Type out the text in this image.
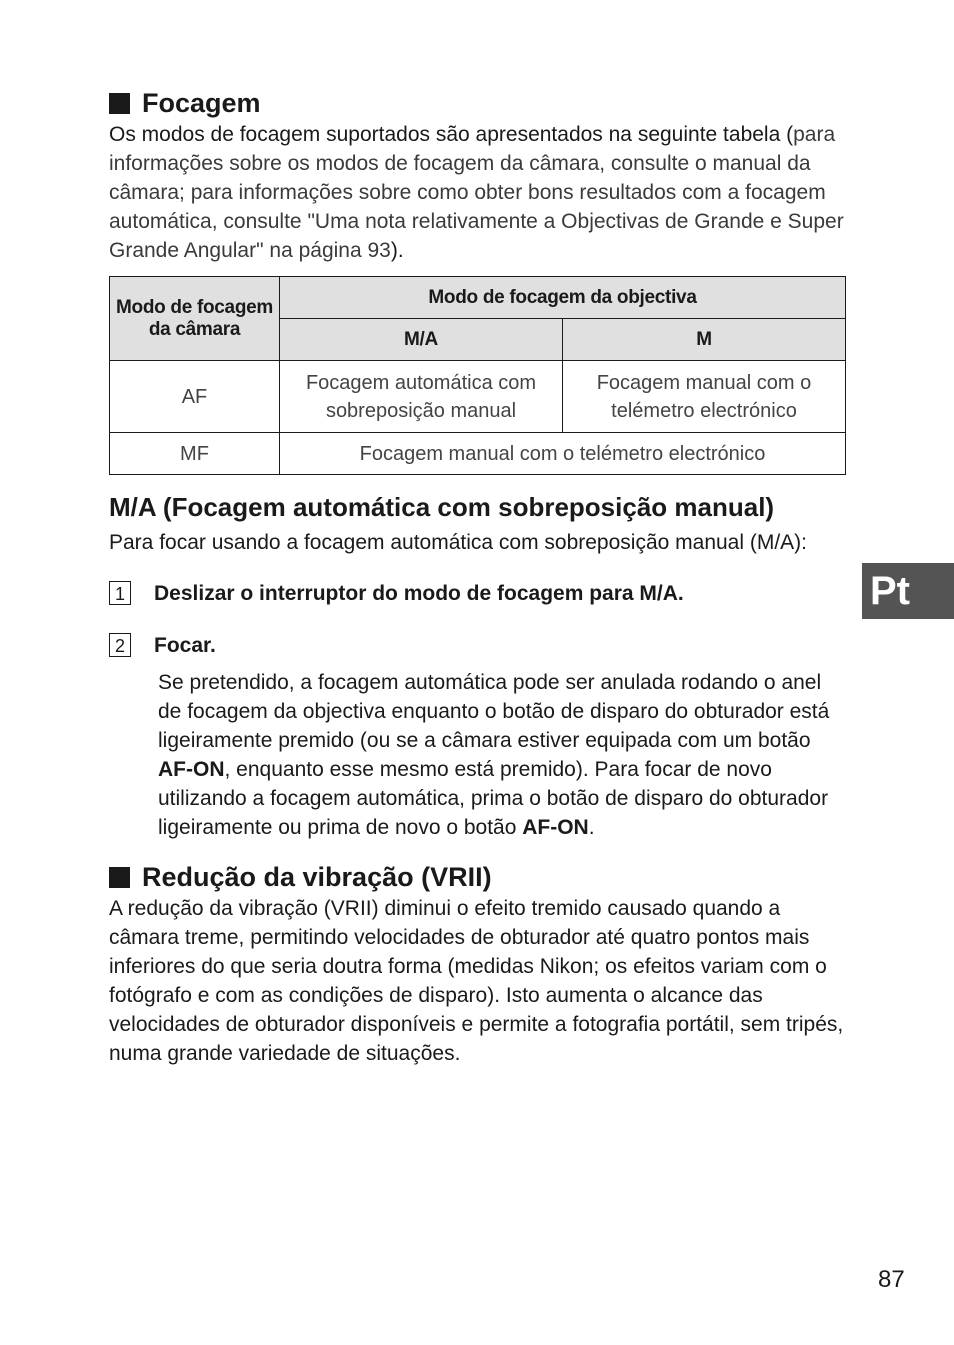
Focagem

Os modos de focagem suportados são apresentados na seguinte tabela (para informações sobre os modos de focagem da câmara, consulte o manual da câmara; para informações sobre como obter bons resultados com a focagem automática, consulte "Uma nota relativamente a Objectivas de Grande e Super Grande Angular" na página 93).

Modo de focagem da câmara	Modo de focagem da objectiva	
	M/A	M
AF	Focagem automática com sobreposição manual	Focagem manual com o telémetro electrónico
MF	Focagem manual com o telémetro electrónico	
M/A (Focagem automática com sobreposição manual)

Para focar usando a focagem automática com sobreposição manual (M/A):

1 Deslizar o interruptor do modo de focagem para M/A.
2 Focar.

Se pretendido, a focagem automática pode ser anulada rodando o anel de focagem da objectiva enquanto o botão de disparo do obturador está ligeiramente premido (ou se a câmara estiver equipada com um botão AF-ON, enquanto esse mesmo está premido). Para focar de novo utilizando a focagem automática, prima o botão de disparo do obturador ligeiramente ou prima de novo o botão AF-ON.

Redução da vibração (VRII)

A redução da vibração (VRII) diminui o efeito tremido causado quando a câmara treme, permitindo velocidades de obturador até quatro pontos mais inferiores do que seria doutra forma (medidas Nikon; os efeitos variam com o fotógrafo e com as condições de disparo). Isto aumenta o alcance das velocidades de obturador disponíveis e permite a fotografia portátil, sem tripés, numa grande variedade de situações.

Pt
87
